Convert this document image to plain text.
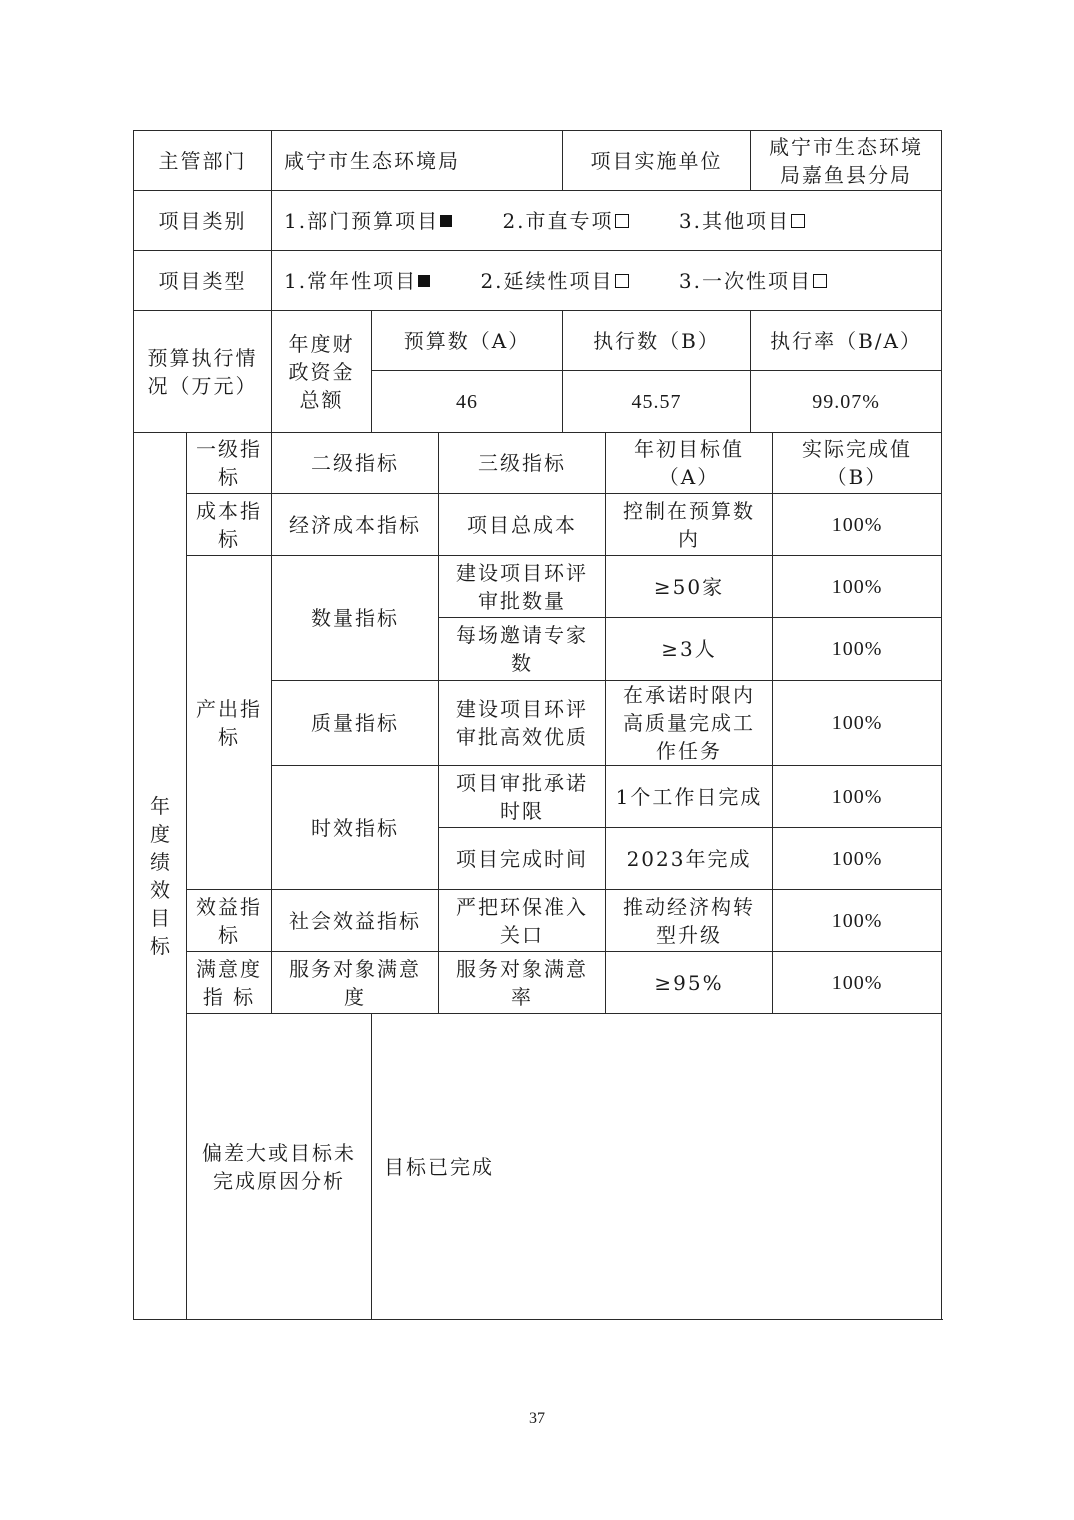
主管部门		咸宁市生态环境局			项目实施单位		咸宁市生态环境局嘉鱼县分局	
项目类别		1.部门预算项目 2.市直专项 3.其他项目						
项目类型		1.常年性项目 2.延续性项目 3.一次性项目						
预算执行情况（万元）		年度财政资金总额	预算数（A）		执行数（B）		执行率（B/A）	
			46		45.57		99.07%	
年度绩效目标	一级指标	二级指标		三级指标		年初目标值（A）		实际完成值（B）
	成本指标	经济成本指标		项目总成本		控制在预算数内		100%
	产出指标	数量指标		建设项目环评审批数量		≥50家		100%
				每场邀请专家数		≥3人		100%
		质量指标		建设项目环评审批高效优质		在承诺时限内高质量完成工作任务		100%
		时效指标		项目审批承诺时限		1个工作日完成		100%
				项目完成时间		2023年完成		100%
	效益指标	社会效益指标		严把环保准入关口		推动经济构转型升级		100%
	满意度指 标	服务对象满意度		服务对象满意率		≥95%		100%
	偏差大或目标未完成原因分析		目标已完成					
37
